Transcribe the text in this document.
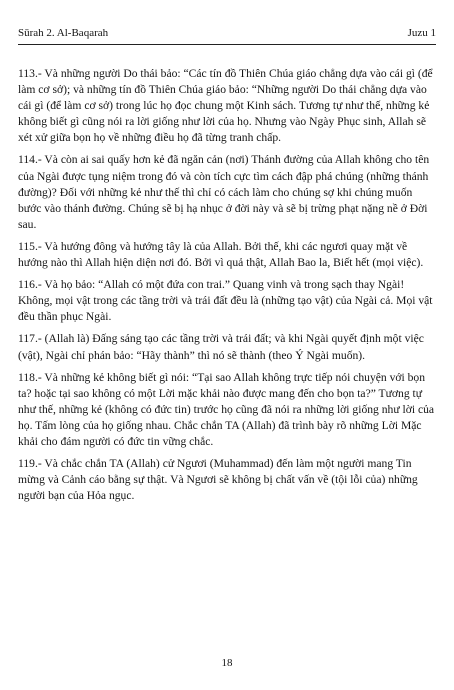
Sūrah 2. Al-Baqarah	Juzu 1

113.- Và những người Do thái bảo: “Các tín đồ Thiên Chúa giáo chẳng dựa vào cái gì (để làm cơ sở); và những tín đồ Thiên Chúa giáo bảo: “Những người Do thái chẳng dựa vào cái gì (để làm cơ sở) trong lúc họ đọc chung một Kinh sách. Tương tự như thế, những kẻ không biết gì cũng nói ra lời giống như lời của họ. Nhưng vào Ngày Phục sinh, Allah sẽ xét xử giữa bọn họ về những điều họ đã từng tranh chấp.

114.- Và còn ai sai quấy hơn kẻ đã ngăn cản (nơi) Thánh đường của Allah không cho tên của Ngài được tụng niệm trong đó và còn tích cực tìm cách đập phá chúng (những thánh đường)? Đối với những kẻ như thế thì chỉ có cách làm cho chúng sợ khi chúng muốn bước vào thánh đường. Chúng sẽ bị hạ nhục ở đời này và sẽ bị trừng phạt nặng nề ở Đời sau.

115.- Và hướng đông và hướng tây là của Allah. Bởi thế, khi các ngươi quay mặt về hướng nào thì Allah hiện diện nơi đó. Bởi vì quả thật, Allah Bao la, Biết hết (mọi việc).

116.- Và họ bảo: “Allah có một đứa con trai.” Quang vinh và trong sạch thay Ngài! Không, mọi vật trong các tầng trời và trái đất đều là (những tạo vật) của Ngài cả. Mọi vật đều thần phục Ngài.

117.- (Allah là) Đấng sáng tạo các tầng trời và trái đất; và khi Ngài quyết định một việc (vật), Ngài chỉ phán bảo: “Hãy thành” thì nó sẽ thành (theo Ý Ngài muốn).

118.- Và những kẻ không biết gì nói: “Tại sao Allah không trực tiếp nói chuyện với bọn ta? hoặc tại sao không có một Lời mặc khải nào được mang đến cho bọn ta?” Tương tự như thế, những kẻ (không có đức tin) trước họ cũng đã nói ra những lời giống như lời của họ. Tấm lòng của họ giống nhau. Chắc chắn TA (Allah) đã trình bày rõ những Lời Mặc khải cho đám người có đức tin vững chắc.

119.- Và chắc chắn TA (Allah) cử Ngươi (Muhammad) đến làm một người mang Tin mừng và Cảnh cáo bằng sự thật. Và Ngươi sẽ không bị chất vấn về (tội lỗi của) những người bạn của Hỏa ngục.

18
